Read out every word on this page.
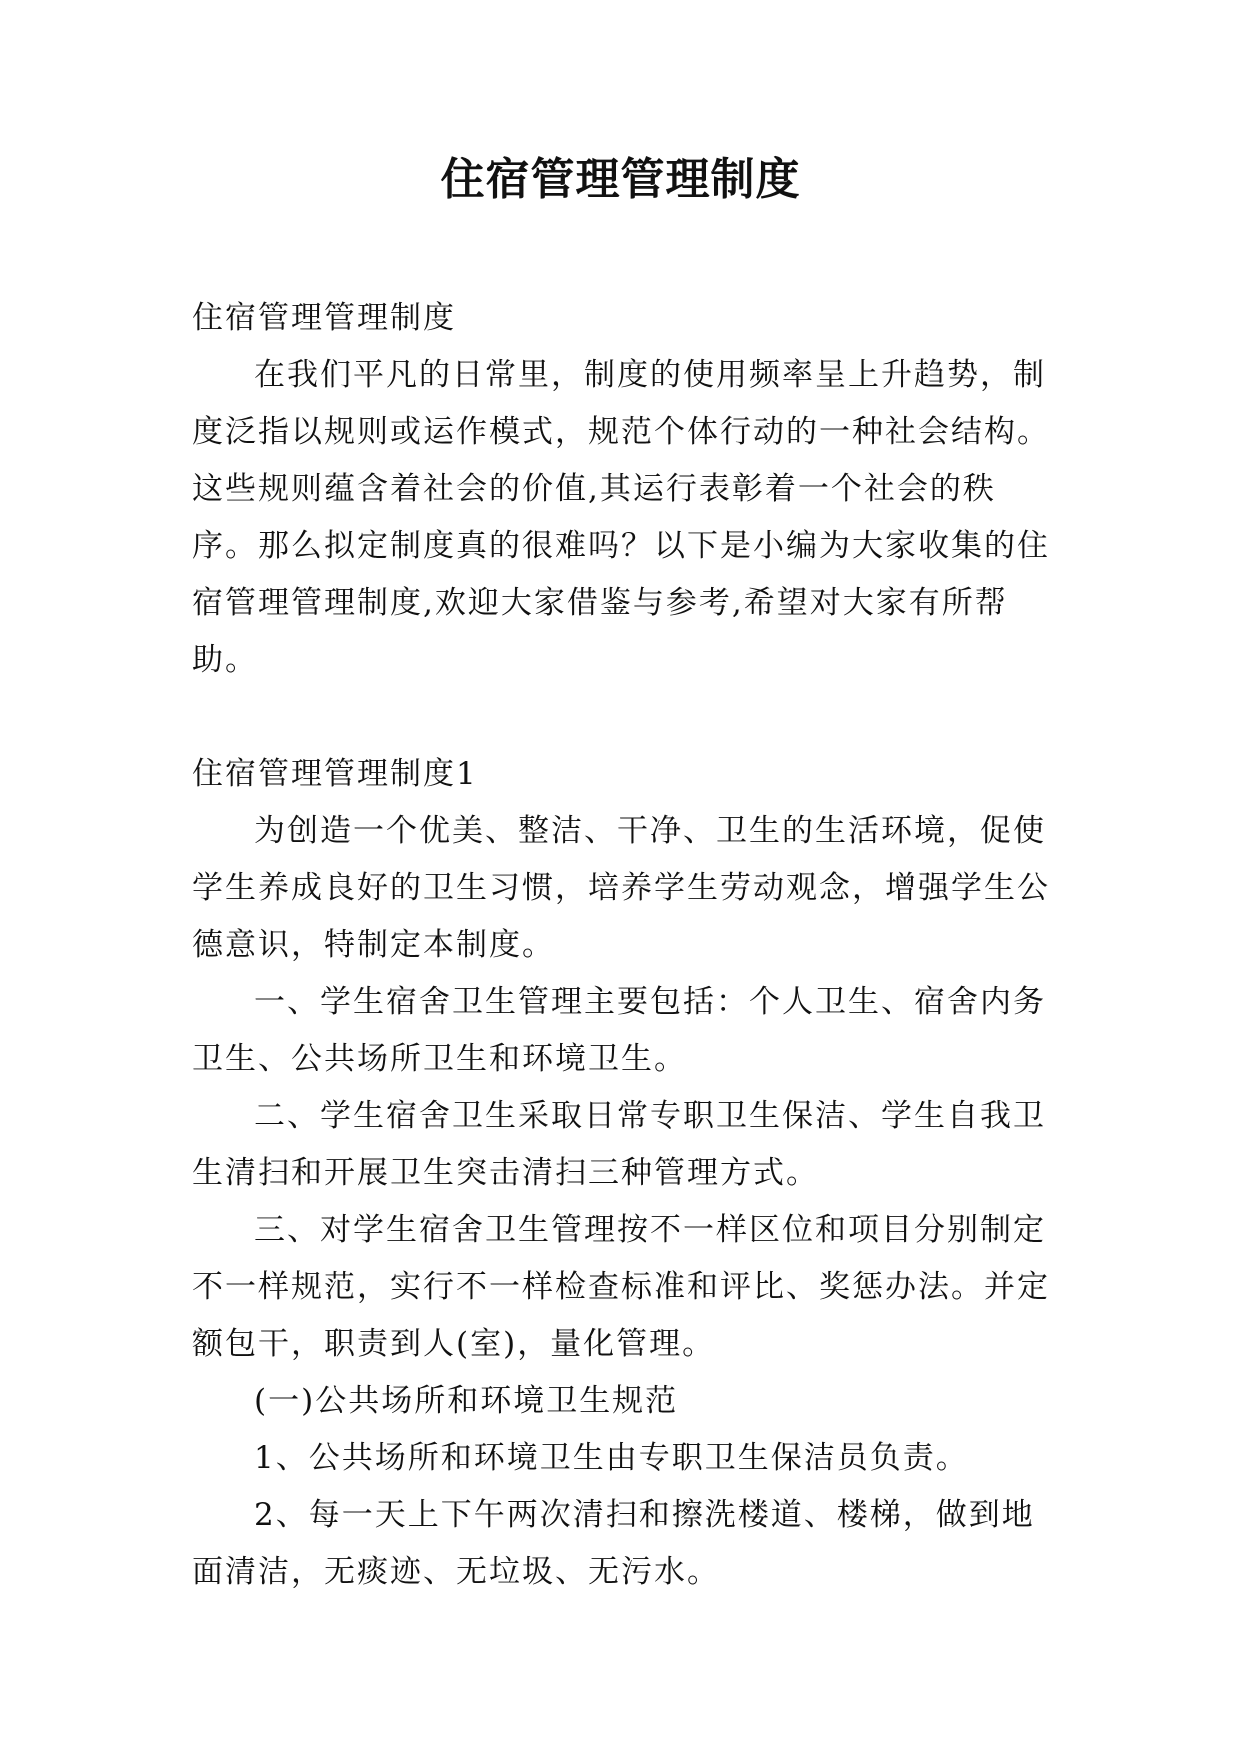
住宿管理管理制度

住宿管理管理制度

在我们平凡的日常里，制度的使用频率呈上升趋势，制度泛指以规则或运作模式，规范个体行动的一种社会结构。这些规则蕴含着社会的价值,其运行表彰着一个社会的秩序。那么拟定制度真的很难吗？以下是小编为大家收集的住宿管理管理制度,欢迎大家借鉴与参考,希望对大家有所帮助。

住宿管理管理制度1

为创造一个优美、整洁、干净、卫生的生活环境，促使学生养成良好的卫生习惯，培养学生劳动观念，增强学生公德意识，特制定本制度。

一、学生宿舍卫生管理主要包括：个人卫生、宿舍内务卫生、公共场所卫生和环境卫生。

二、学生宿舍卫生采取日常专职卫生保洁、学生自我卫生清扫和开展卫生突击清扫三种管理方式。

三、对学生宿舍卫生管理按不一样区位和项目分别制定不一样规范，实行不一样检查标准和评比、奖惩办法。并定额包干，职责到人(室)，量化管理。

(一)公共场所和环境卫生规范

1、公共场所和环境卫生由专职卫生保洁员负责。

2、每一天上下午两次清扫和擦洗楼道、楼梯，做到地面清洁，无痰迹、无垃圾、无污水。
